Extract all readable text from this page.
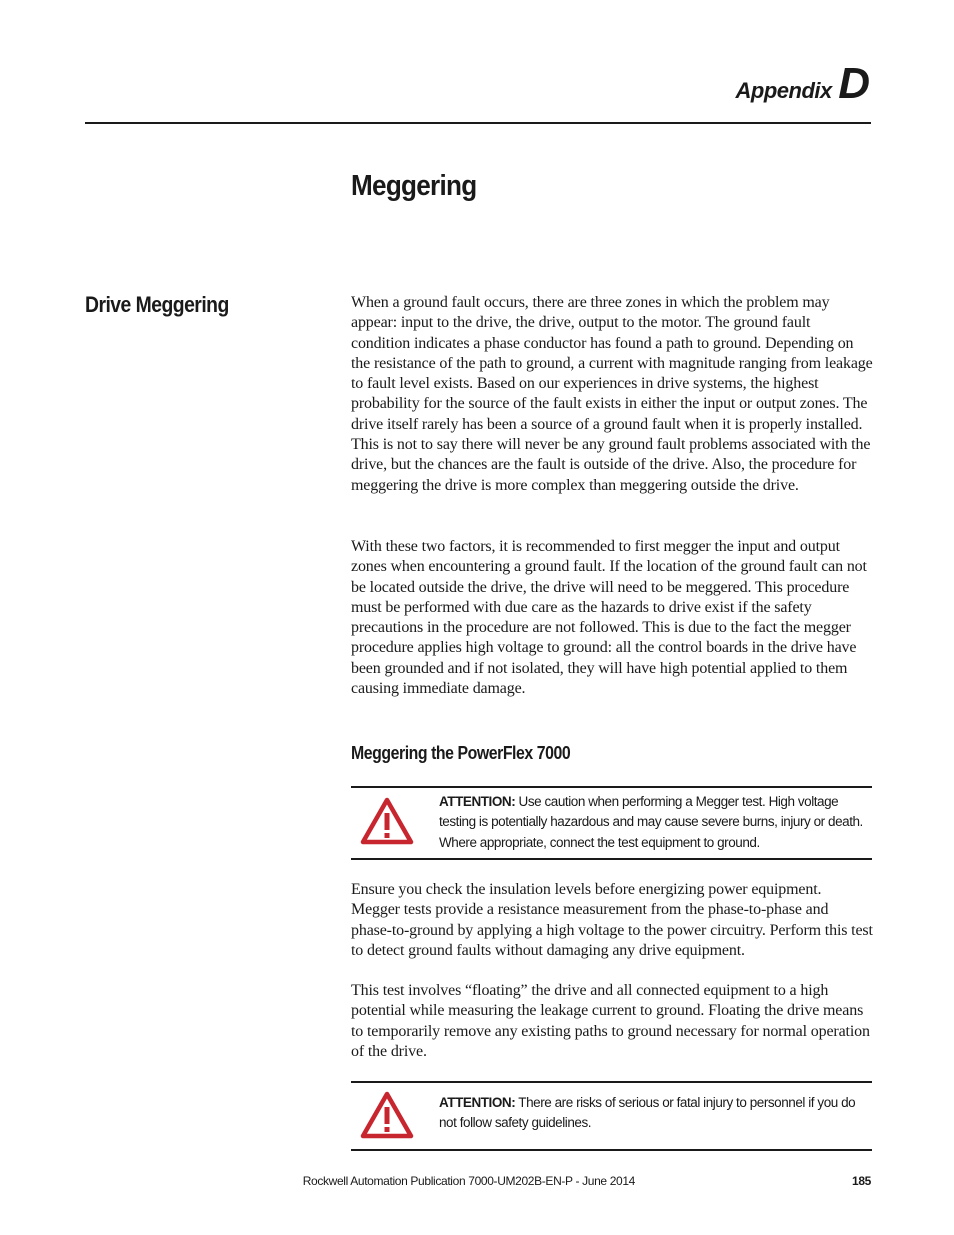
Appendix D
Meggering
Drive Meggering	When a ground fault occurs, there are three zones in which the problem may appear: input to the drive, the drive, output to the motor. The ground fault condition indicates a phase conductor has found a path to ground. Depending on the resistance of the path to ground, a current with magnitude ranging from leakage to fault level exists. Based on our experiences in drive systems, the highest probability for the source of the fault exists in either the input or output zones. The drive itself rarely has been a source of a ground fault when it is properly installed. This is not to say there will never be any ground fault problems associated with the drive, but the chances are the fault is outside of the drive. Also, the procedure for meggering the drive is more complex than meggering outside the drive.

With these two factors, it is recommended to first megger the input and output zones when encountering a ground fault. If the location of the ground fault can not be located outside the drive, the drive will need to be meggered. This procedure must be performed with due care as the hazards to drive exist if the safety precautions in the procedure are not followed. This is due to the fact the megger procedure applies high voltage to ground: all the control boards in the drive have been grounded and if not isolated, they will have high potential applied to them causing immediate damage.

Meggering the PowerFlex 7000
ATTENTION: Use caution when performing a Megger test. High voltage testing is potentially hazardous and may cause severe burns, injury or death. Where appropriate, connect the test equipment to ground.

Ensure you check the insulation levels before energizing power equipment. Megger tests provide a resistance measurement from the phase-to-phase and phase-to-ground by applying a high voltage to the power circuitry. Perform this test to detect ground faults without damaging any drive equipment.

This test involves “floating” the drive and all connected equipment to a high potential while measuring the leakage current to ground. Floating the drive means to temporarily remove any existing paths to ground necessary for normal operation of the drive.

ATTENTION: There are risks of serious or fatal injury to personnel if you do not follow safety guidelines.
Rockwell Automation Publication 7000-UM202B-EN-P - June 2014	185
